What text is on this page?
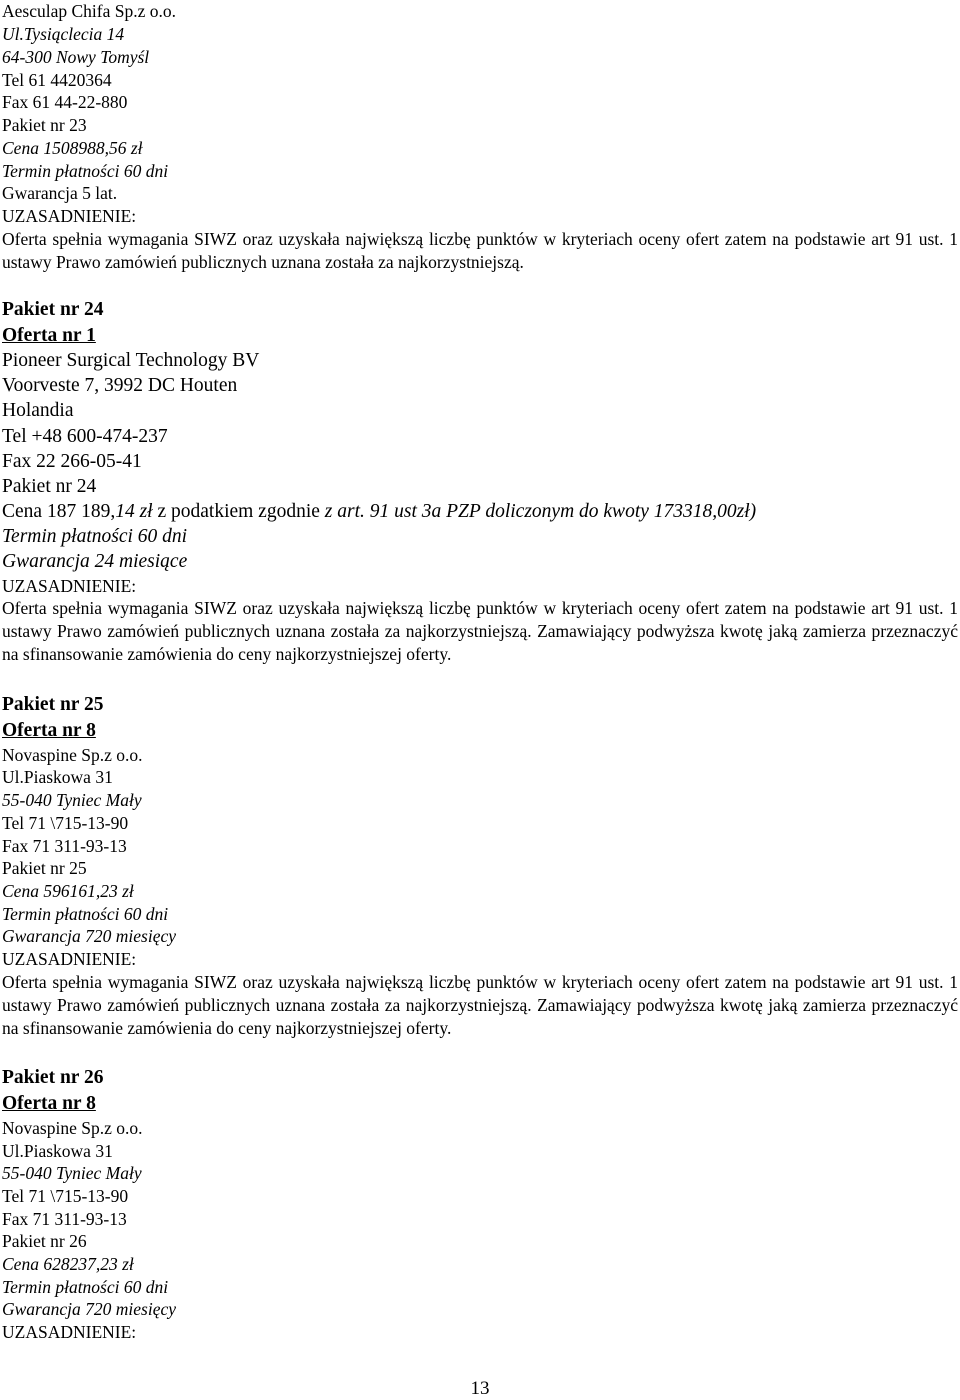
Aesculap Chifa Sp.z o.o.
Ul.Tysiąclecia 14
64-300 Nowy Tomyśl
Tel 61 4420364
Fax 61 44-22-880
Pakiet nr 23
Cena 1508988,56 zł
Termin płatności 60 dni
Gwarancja 5 lat.
UZASADNIENIE:
Oferta spełnia wymagania SIWZ oraz uzyskała największą liczbę punktów w kryteriach oceny ofert zatem na podstawie art 91 ust. 1 ustawy Prawo zamówień publicznych uznana została za najkorzystniejszą.
Pakiet nr 24
Oferta nr 1
Pioneer Surgical Technology BV
Voorveste 7, 3992 DC Houten
Holandia
Tel +48 600-474-237
Fax 22 266-05-41
Pakiet nr 24
Cena 187 189,14 zł z podatkiem zgodnie z art. 91 ust 3a PZP doliczonym do kwoty 173318,00zł)
Termin płatności 60 dni
Gwarancja 24 miesiące
UZASADNIENIE:
Oferta spełnia wymagania SIWZ oraz uzyskała największą liczbę punktów w kryteriach oceny ofert zatem na podstawie art 91 ust. 1 ustawy Prawo zamówień publicznych uznana została za najkorzystniejszą. Zamawiający podwyższa kwotę jaką zamierza przeznaczyć na sfinansowanie zamówienia do ceny najkorzystniejszej oferty.
Pakiet nr 25
Oferta nr 8
Novaspine Sp.z o.o.
Ul.Piaskowa 31
55-040 Tyniec Mały
Tel 71 \715-13-90
Fax 71 311-93-13
Pakiet nr 25
Cena 596161,23 zł
Termin płatności 60 dni
Gwarancja 720 miesięcy
UZASADNIENIE:
Oferta spełnia wymagania SIWZ oraz uzyskała największą liczbę punktów w kryteriach oceny ofert zatem na podstawie art 91 ust. 1 ustawy Prawo zamówień publicznych uznana została za najkorzystniejszą. Zamawiający podwyższa kwotę jaką zamierza przeznaczyć na sfinansowanie zamówienia do ceny najkorzystniejszej oferty.
Pakiet nr 26
Oferta nr 8
Novaspine Sp.z o.o.
Ul.Piaskowa 31
55-040 Tyniec Mały
Tel 71 \715-13-90
Fax 71 311-93-13
Pakiet nr 26
Cena 628237,23 zł
Termin płatności 60 dni
Gwarancja 720 miesięcy
UZASADNIENIE:
13
